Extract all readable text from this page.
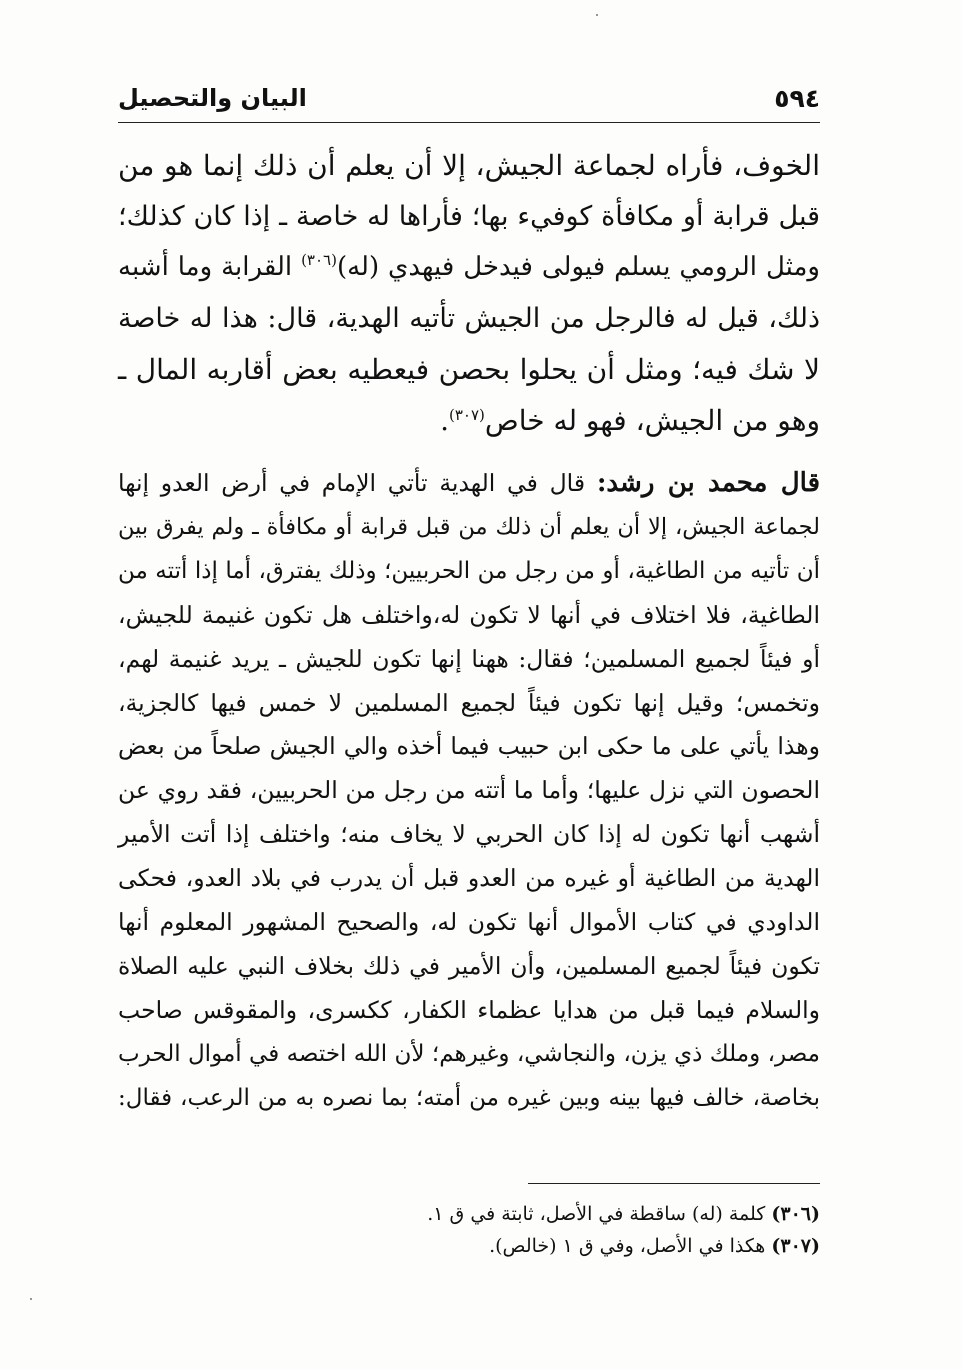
٥٩٤
البيان والتحصيل
الخوف، فأراه لجماعة الجيش، إلا أن يعلم أن ذلك إنما هو من
قبل قرابة أو مكافأة كوفيء بها؛ فأراها له خاصة ـ إذا كان كذلك؛
ومثل الرومي يسلم فيولى فيدخل فيهدي (له)$^{(٣٠٦)}$ القرابة وما أشبه
ذلك، قيل له فالرجل من الجيش تأتيه الهدية، قال: هذا له خاصة
لا شك فيه؛ ومثل أن يحلوا بحصن فيعطيه بعض أقاربه المال ـ
وهو من الجيش، فهو له خاص$^{(٣٠٧)}$.
قال محمد بن رشد: قال في الهدية تأتي الإمام في أرض العدو إنها
لجماعة الجيش، إلا أن يعلم أن ذلك من قبل قرابة أو مكافأة ـ ولم يفرق بين
أن تأتيه من الطاغية، أو من رجل من الحربيين؛ وذلك يفترق، أما إذا أتته من
الطاغية، فلا اختلاف في أنها لا تكون له،واختلف هل تكون غنيمة للجيش،
أو فيئاً لجميع المسلمين؛ فقال: ههنا إنها تكون للجيش ـ يريد غنيمة لهم،
وتخمس؛ وقيل إنها تكون فيئاً لجميع المسلمين لا خمس فيها كالجزية،
وهذا يأتي على ما حكى ابن حبيب فيما أخذه والي الجيش صلحاً من بعض
الحصون التي نزل عليها؛ وأما ما أتته من رجل من الحربيين، فقد روي عن
أشهب أنها تكون له إذا كان الحربي لا يخاف منه؛ واختلف إذا أتت الأمير
الهدية من الطاغية أو غيره من العدو قبل أن يدرب في بلاد العدو، فحكى
الداودي في كتاب الأموال أنها تكون له، والصحيح المشهور المعلوم أنها
تكون فيئاً لجميع المسلمين، وأن الأمير في ذلك بخلاف النبي عليه الصلاة
والسلام فيما قبل من هدايا عظماء الكفار، ككسرى، والمقوقس صاحب
مصر، وملك ذي يزن، والنجاشي، وغيرهم؛ لأن الله اختصه في أموال الحرب
بخاصة، خالف فيها بينه وبين غيره من أمته؛ بما نصره به من الرعب، فقال:
(٣٠٦) كلمة (له) ساقطة في الأصل، ثابتة في ق ١.
(٣٠٧) هكذا في الأصل، وفي ق ١ (خالص).
